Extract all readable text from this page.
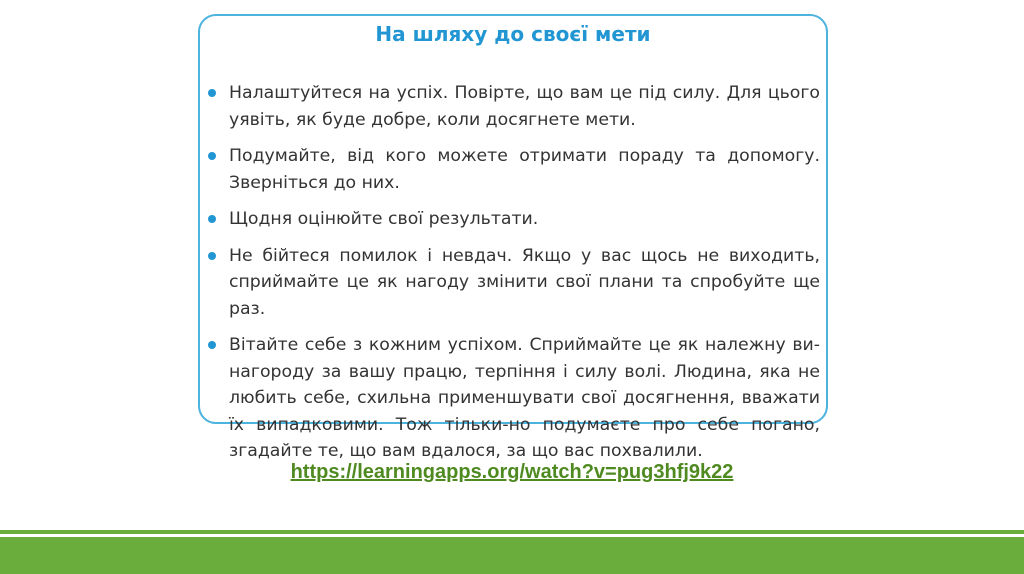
На шляху до своєї мети
Налаштуйтеся на успіх. Повірте, що вам це під силу. Для цього уявіть, як буде добре, коли досягнете мети.
Подумайте, від кого можете отримати пораду та допомогу. Зверніться до них.
Щодня оцінюйте свої результати.
Не бійтеся помилок і невдач. Якщо у вас щось не виходить, сприймайте це як нагоду змінити свої плани та спробуйте ще раз.
Вітайте себе з кожним успіхом. Сприймайте це як належну винагороду за вашу працю, терпіння і силу волі. Людина, яка не любить себе, схильна применшувати свої досягнення, вважати їх випадковими. Тож тільки-но подумаєте про себе погано, згадайте те, що вам вдалося, за що вас похвалили.
https://learningapps.org/watch?v=pug3hfj9k22
